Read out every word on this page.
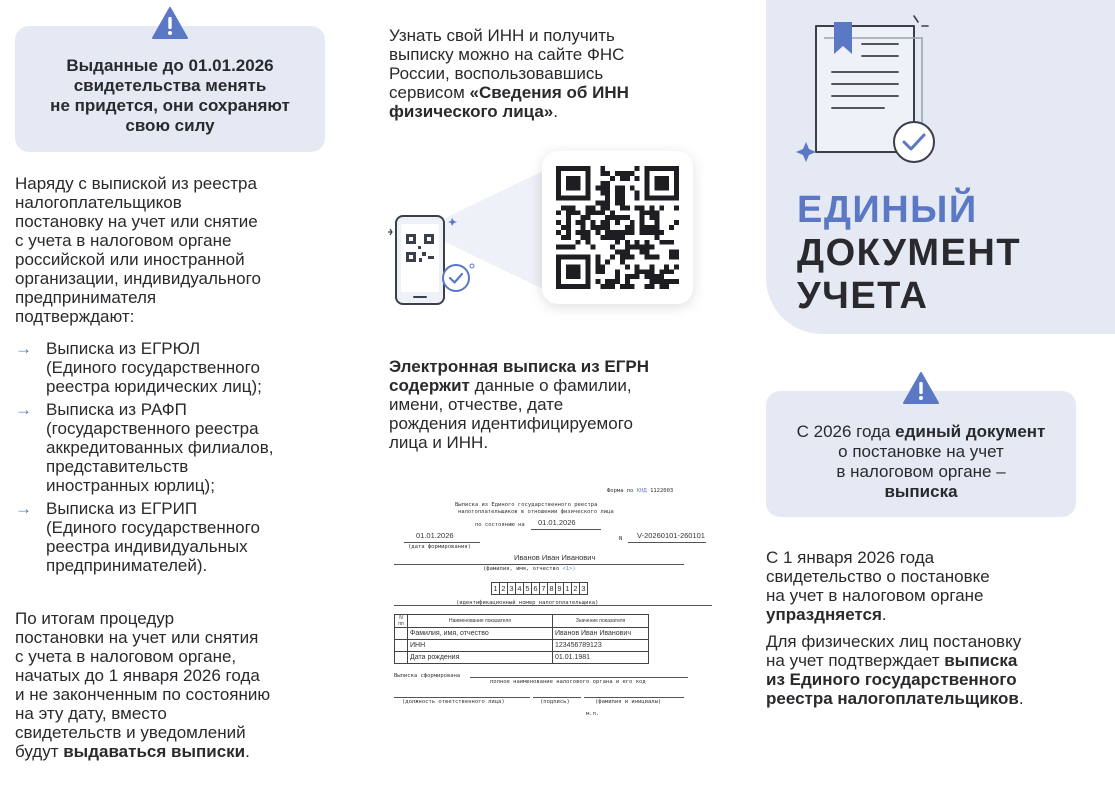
Выданные до 01.01.2026
свидетельства менять
не придется, они сохраняют
свою силу
Наряду с выпиской из реестра
налогоплательщиков
постановку на учет или снятие
с учета в налоговом органе
российской или иностранной
организации, индивидуального
предпринимателя
подтверждают:
→ Выписка из ЕГРЮЛ
(Единого государственного
реестра юридических лиц);
→ Выписка из РАФП
(государственного реестра
аккредитованных филиалов,
представительств
иностранных юрлиц);
→ Выписка из ЕГРИП
(Единого государственного
реестра индивидуальных
предпринимателей).
По итогам процедур
постановки на учет или снятия
с учета в налоговом органе,
начатых до 1 января 2026 года
и не законченным по состоянию
на эту дату, вместо
свидетельств и уведомлений
будут выдаваться выписки.
Узнать свой ИНН и получить
выписку можно на сайте ФНС
России, воспользовавшись
сервисом «Сведения об ИНН
физического лица».
Электронная выписка из ЕГРН
содержит данные о фамилии,
имени, отчестве, дате
рождения идентифицируемого
лица и ИНН.
Форма по КНД 1122003
Выписка из Единого государственного реестра
налогоплательщиков в отношении физического лица
по состоянию на 01.01.2026
01.01.2026
(дата формирования)
N V-20260101-260101
Иванов Иван Иванович
(фамилия, имя, отчество <1>)
1 2 3 4 5 6 7 8 9 1 2 3
(идентификационный номер налогоплательщика)
N пп	Наименование показателя	Значение показателя
	Фамилия, имя, отчество	Иванов Иван Иванович
	ИНН	123456789123
	Дата рождения	01.01.1981
Выписка сформирована
полное наименование налогового органа и его код
(должность ответственного лица)	(подпись)	(фамилия и инициалы)
м.п.
ЕДИНЫЙ
ДОКУМЕНТ
УЧЕТА
С 2026 года единый документ
о постановке на учет
в налоговом органе –
выписка
С 1 января 2026 года
свидетельство о постановке
на учет в налоговом органе
упраздняется.
Для физических лиц постановку
на учет подтверждает выписка
из Единого государственного
реестра налогоплательщиков.
